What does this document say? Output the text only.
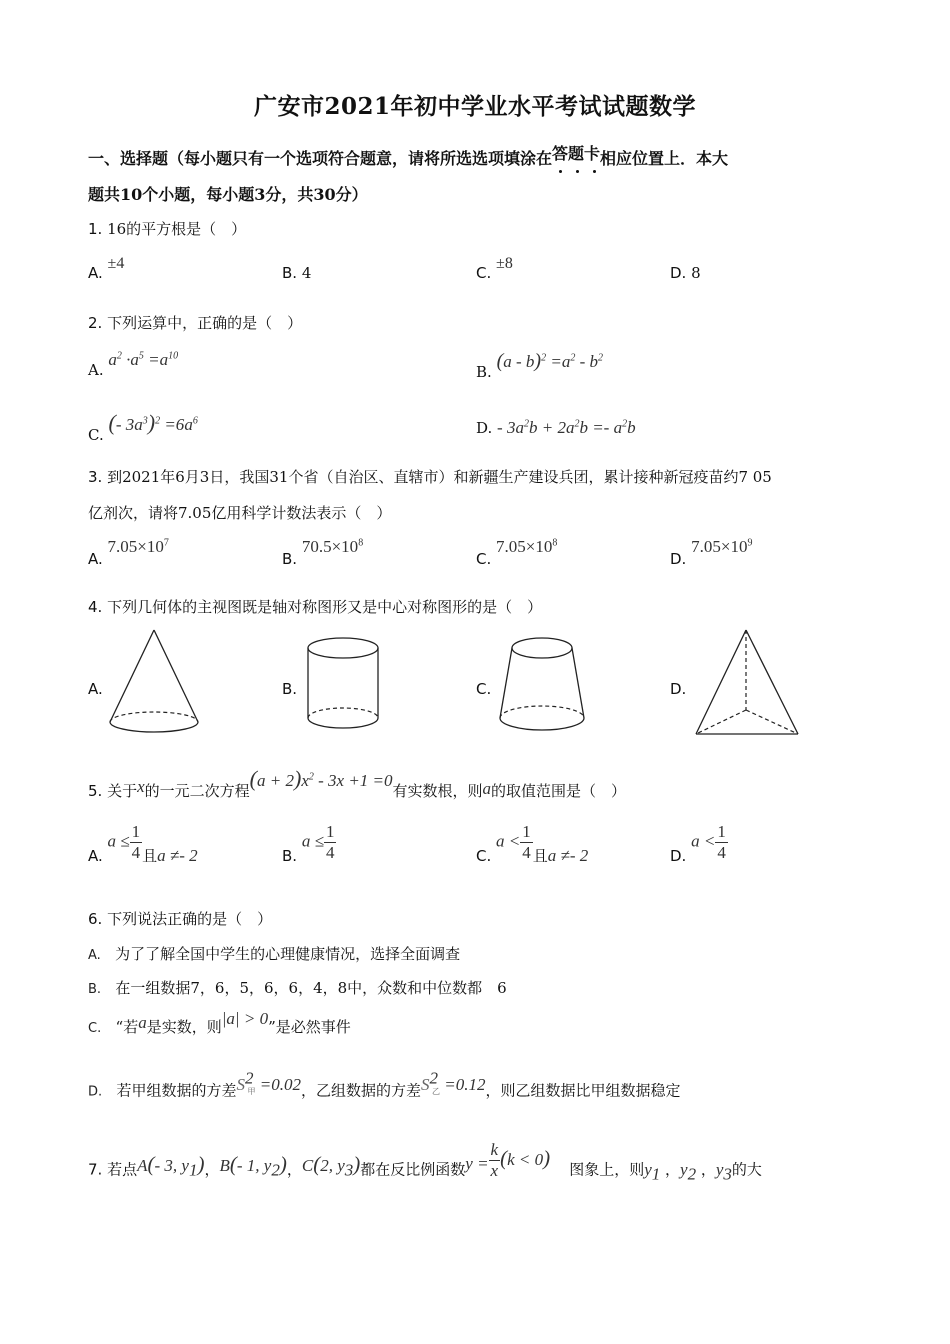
广安市2021年初中学业水平考试试题数学
一、选择题（每小题只有一个选项符合题意，请将所选选项填涂在答题卡
相应位置上．本大
题共10个小题，每小题3分，共30分）
1. 16的平方根是（　）
A. ±4
B. 4	C. ±8
D. 8
2. 下列运算中，正确的是（　）
A. $a^2 \cdot a^5 =a^{10}$
B. $(a - b)^2 =a^2 - b^2$
C. (- $3a^3)^2 =6a^6$	D. - $3a^2b + 2a^2b =- a^2b$
3. 到2021年6月3日，我国31个省（自治区、直辖市）和新疆生产建设兵团，累计接种新冠疫苗约7 05
亿剂次，请将7.05亿用科学计数法表示（　）
A. $7.05\times 10^7$
B. $70.5\times 10^8$
C. $7.05\times 10^8$
D. $7.05\times 10^9$
4. 下列几何体的主视图既是轴对称图形又是中心对称图形的是（　）
A.	B.	C.	D.
5. 关于x的一元二次方程$(a + 2)x^2 - 3x +1 =0$有实数根，则a的取值范围是（　）
A. $a \le \frac{1}{4}$ 且a ≠- 2	B. $a \le \frac{1}{4}$	C. $a < \frac{1}{4}$ 且a ≠- 2	D. $a < \frac{1}{4}$
6. 下列说法正确的是（　）
A. 为了了解全国中学生的心理健康情况，选择全面调查
B. 在一组数据7，6，5，6，6，4，8中，众数和中位数都　6
C. “若a是实数，则|a| > 0”是必然事件
D. 若甲组数据的方差$S^2_甲 =0.02$，乙组数据的方差$S^2_乙 =0.12$，则乙组数据比甲组数据稳定
7. 若点A(- 3, $y_1$)，B(- 1, $y_2$)，C(2, $y_3$)都在反比例函数$y = \frac{k}{x} (k < 0)$ 图象上，则$y_1$ ，$y_2$ ，$y_3$的大
